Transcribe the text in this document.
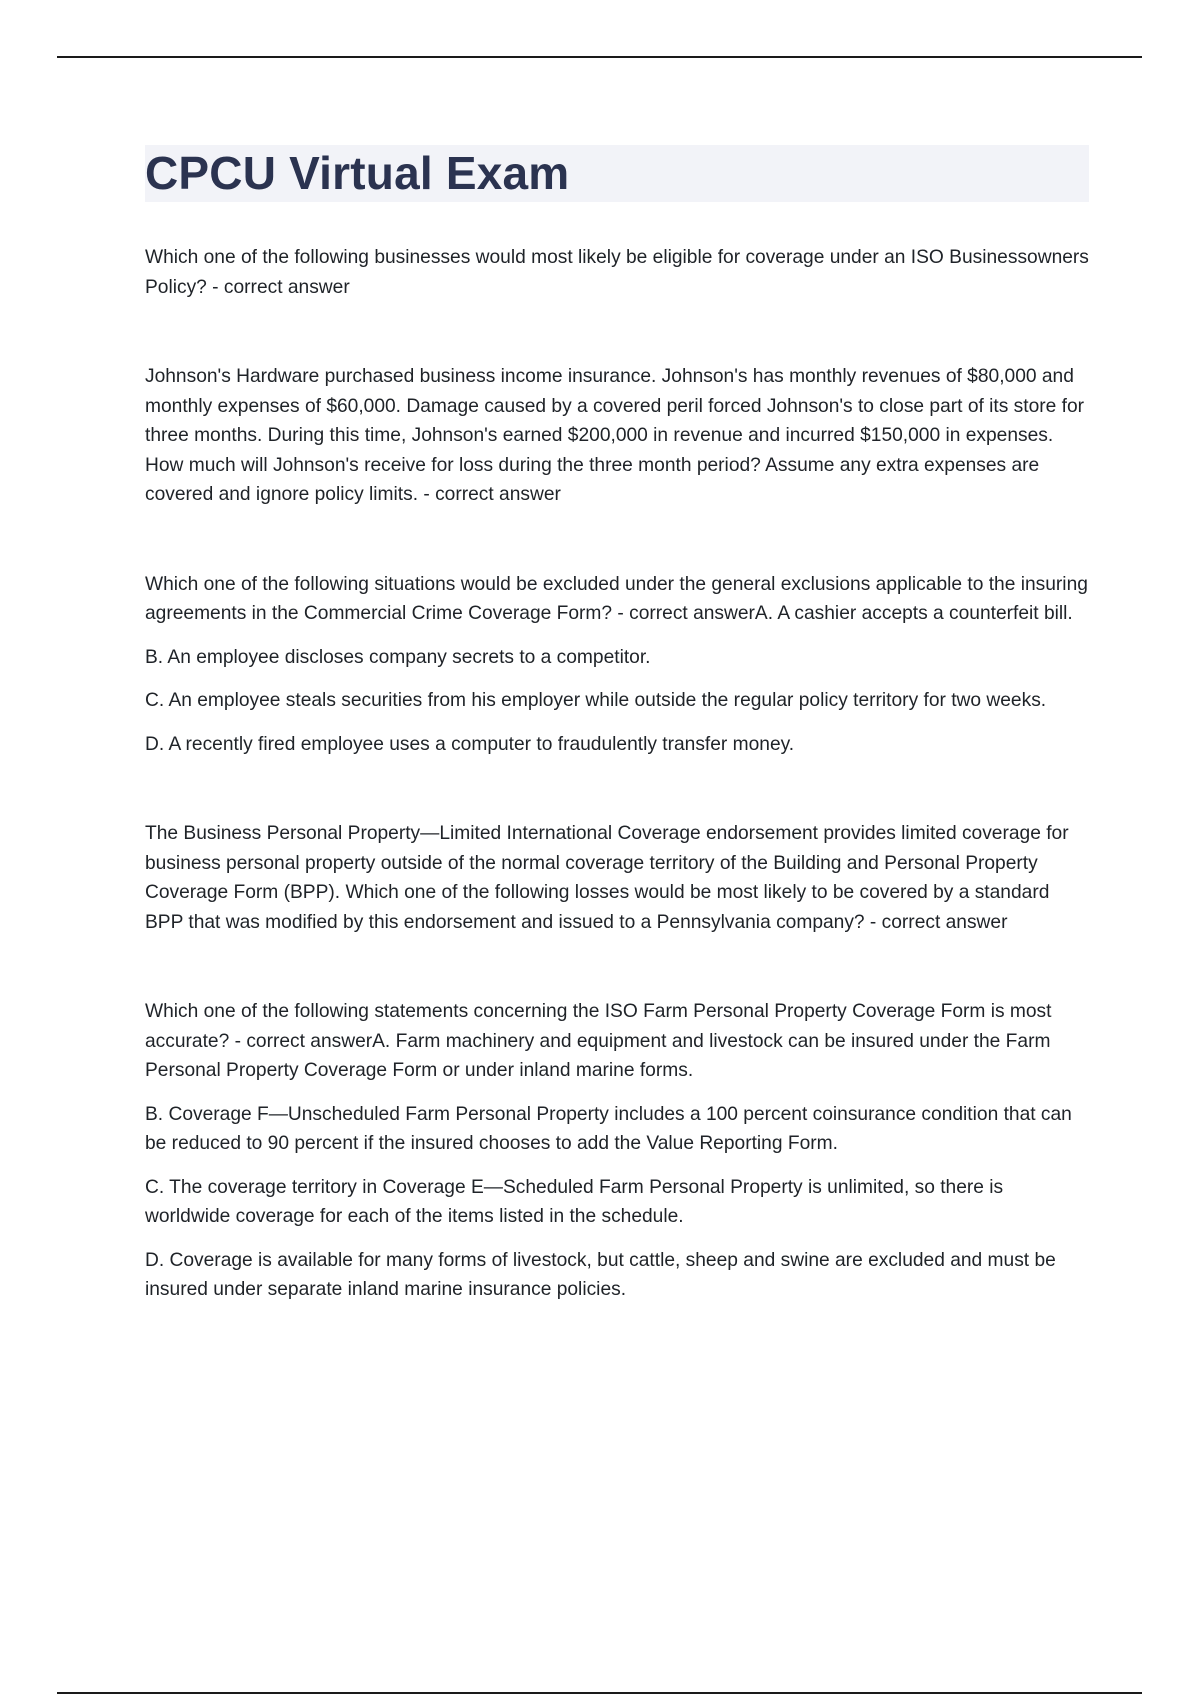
CPCU Virtual Exam

Which one of the following businesses would most likely be eligible for coverage under an ISO Businessowners Policy? - correct answer

Johnson's Hardware purchased business income insurance. Johnson's has monthly revenues of $80,000 and monthly expenses of $60,000. Damage caused by a covered peril forced Johnson's to close part of its store for three months. During this time, Johnson's earned $200,000 in revenue and incurred $150,000 in expenses. How much will Johnson's receive for loss during the three month period? Assume any extra expenses are covered and ignore policy limits. - correct answer

Which one of the following situations would be excluded under the general exclusions applicable to the insuring agreements in the Commercial Crime Coverage Form? - correct answerA. A cashier accepts a counterfeit bill.

B. An employee discloses company secrets to a competitor.

C. An employee steals securities from his employer while outside the regular policy territory for two weeks.

D. A recently fired employee uses a computer to fraudulently transfer money.

The Business Personal Property—Limited International Coverage endorsement provides limited coverage for business personal property outside of the normal coverage territory of the Building and Personal Property Coverage Form (BPP). Which one of the following losses would be most likely to be covered by a standard BPP that was modified by this endorsement and issued to a Pennsylvania company? - correct answer

Which one of the following statements concerning the ISO Farm Personal Property Coverage Form is most accurate? - correct answerA. Farm machinery and equipment and livestock can be insured under the Farm Personal Property Coverage Form or under inland marine forms.

B. Coverage F—Unscheduled Farm Personal Property includes a 100 percent coinsurance condition that can be reduced to 90 percent if the insured chooses to add the Value Reporting Form.

C. The coverage territory in Coverage E—Scheduled Farm Personal Property is unlimited, so there is worldwide coverage for each of the items listed in the schedule.

D. Coverage is available for many forms of livestock, but cattle, sheep and swine are excluded and must be insured under separate inland marine insurance policies.
